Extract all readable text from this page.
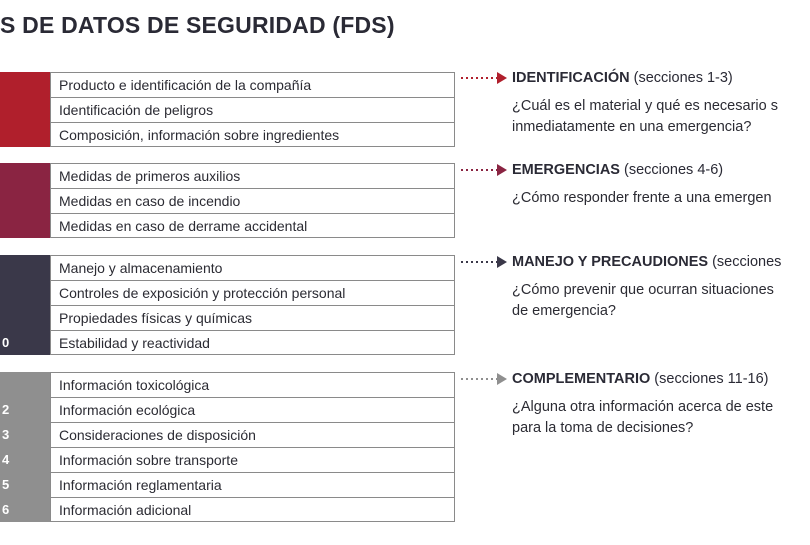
S DE DATOS DE SEGURIDAD (FDS)
Producto e identificación de la compañía
Identificación de peligros
Composición, información sobre ingredientes
Medidas de primeros auxilios
Medidas en caso de incendio
Medidas en caso de derrame accidental
0
Manejo y almacenamiento
Controles de exposición y protección personal
Propiedades físicas y químicas
Estabilidad y reactividad
2
3
4
5
6
Información toxicológica
Información ecológica
Consideraciones de disposición
Información sobre transporte
Información reglamentaria
Información adicional
IDENTIFICACIÓN (secciones 1-3)
¿Cuál es el material y qué es necesario s
inmediatamente en una emergencia?
EMERGENCIAS (secciones 4-6)
¿Cómo responder frente a una emergen
MANEJO Y PRECAUDIONES (secciones
¿Cómo prevenir que ocurran situaciones
de emergencia?
COMPLEMENTARIO (secciones 11-16)
¿Alguna otra información acerca de este
para la toma de decisiones?
